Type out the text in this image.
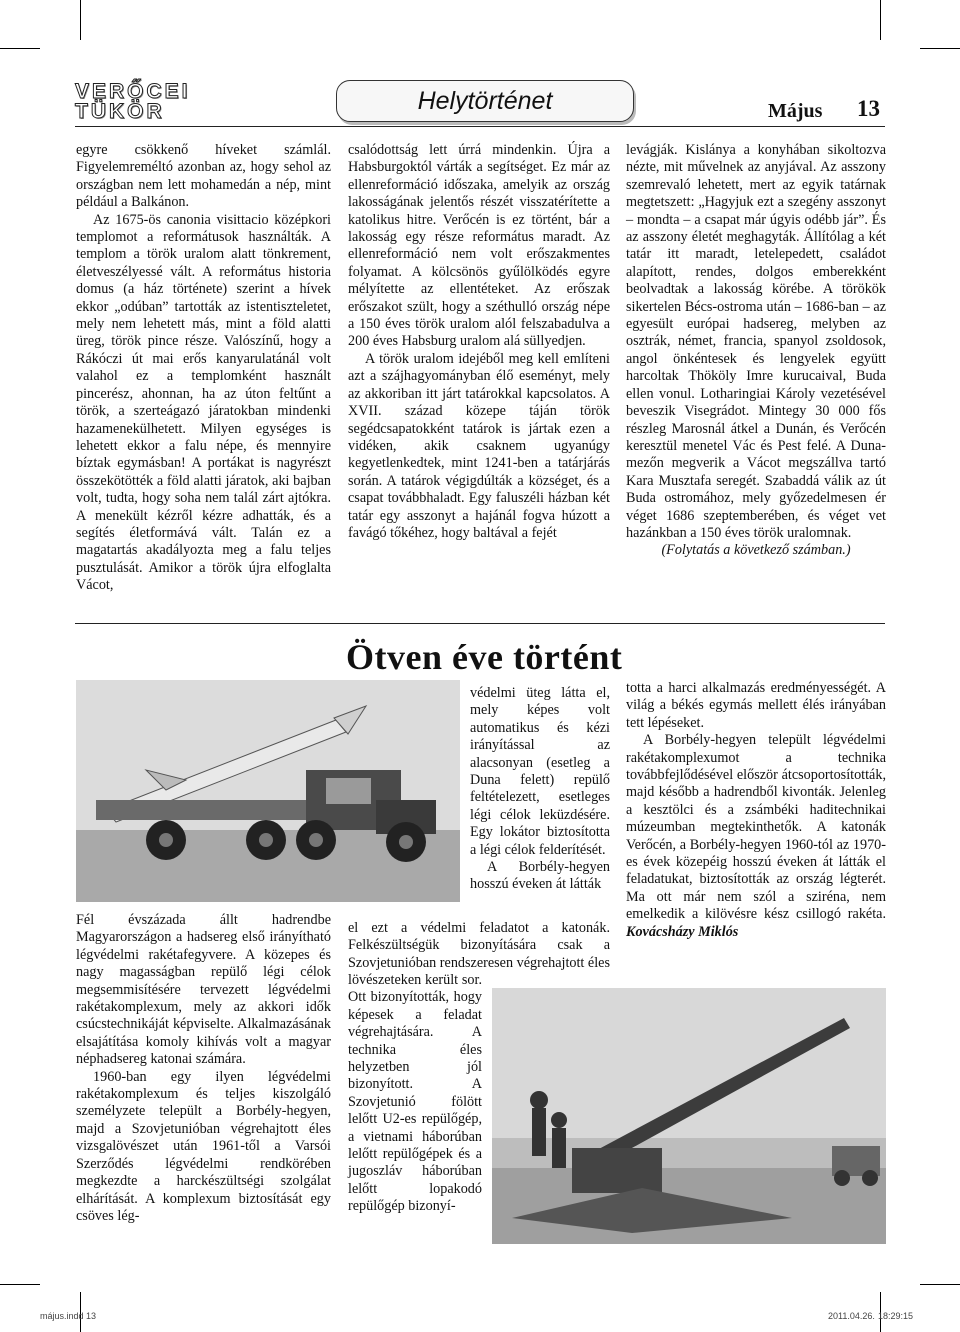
VERŐCEI
TÜKÖR	Helytörténet	Május 13

egyre csökkenő híveket számlál. Figyelemreméltó azonban az, hogy sehol az országban nem lett mohamedán a nép, mint például a Balkánon.

Az 1675-ös canonia visittacio középkori templomot a reformátusok használták. A templom a török uralom alatt tönkrement, életveszélyessé vált. A református historia domus (a ház története) szerint a hívek ekkor „odúban” tartották az istentiszteletet, mely nem lehetett más, mint a föld alatti üreg, török pince része. Valószínű, hogy a Rákóczi út mai erős kanyarulatánál volt valahol ez a templomként használt pincerész, ahonnan, ha az úton feltűnt a török, a szerteágazó járatokban mindenki hazamenekülhetett. Milyen egységes is lehetett ekkor a falu népe, és mennyire bíztak egymásban! A portákat is nagyrészt összekötötték a föld alatti járatok, aki bajban volt, tudta, hogy soha nem talál zárt ajtókra. A menekült kézről kézre adhatták, és a segítés életformává vált. Talán ez a magatartás akadályozta meg a falu teljes pusztulását. Amikor a török újra elfoglalta Vácot,

csalódottság lett úrrá mindenkin. Újra a Habsburgoktól várták a segítséget. Ez már az ellenreformáció időszaka, amelyik az ország lakosságának jelentős részét visszatérítette a katolikus hitre. Verőcén is ez történt, bár a lakosság egy része református maradt. Az ellenreformáció nem volt erőszakmentes folyamat. A kölcsönös gyűlölködés egyre mélyítette az ellentéteket. Az erőszak erőszakot szült, hogy a széthulló ország népe a 150 éves török uralom alól felszabadulva a 200 éves Habsburg uralom alá süllyedjen.

A török uralom idejéből meg kell említeni azt a szájhagyományban élő eseményt, mely az akkoriban itt járt tatárokkal kapcsolatos. A XVII. század közepe táján török segédcsapatokként tatárok is jártak ezen a vidéken, akik csaknem ugyanúgy kegyetlenkedtek, mint 1241-ben a tatárjárás során. A tatárok végigdúlták a községet, és a csapat továbbhaladt. Egy faluszéli házban két tatár egy asszonyt a hajánál fogva húzott a favágó tőkéhez, hogy baltával a fejét

levágják. Kislánya a konyhában sikoltozva nézte, mit művelnek az anyjával. Az asszony szemrevaló lehetett, mert az egyik tatárnak megtetszett: „Hagyjuk ezt a szegény asszonyt – mondta – a csapat már úgyis odébb jár”. És az asszony életét meghagyták. Állítólag a két tatár itt maradt, letelepedett, családot alapított, rendes, dolgos emberekként beolvadtak a lakosság körébe. A törökök sikertelen Bécs-ostroma után – 1686-ban – az egyesült európai hadsereg, melyben az osztrák, német, francia, spanyol zsoldosok, angol önkéntesek és lengyelek együtt harcoltak Thököly Imre kurucaival, Buda ellen vonul. Lotharingiai Károly vezetésével beveszik Visegrádot. Mintegy 30 000 fős részleg Marosnál átkel a Dunán, és Verőcén keresztül menetel Vác és Pest felé. A Duna-mezőn megverik a Vácot megszállva tartó Kara Musztafa seregét. Szabaddá válik az út Buda ostromához, mely győzedelmesen ér véget 1686 szeptemberében, és véget vet hazánkban a 150 éves török uralomnak.

(Folytatás a következő számban.)

Ötven éve történt

Fél évszázada állt hadrendbe Magyarországon a hadsereg első irányítható légvédelmi rakétafegyvere. A közepes és nagy magasságban repülő légi célok megsemmisítésére tervezett légvédelmi rakétakomplexum, mely az akkori idők csúcstechnikáját képviselte. Alkalmazásának elsajátítása komoly kihívás volt a magyar néphadsereg katonai számára.

1960-ban egy ilyen légvédelmi rakétakomplexum és teljes kiszolgáló személyzete települt a Borbély-hegyen, majd a Szovjetunióban végrehajtott éles vizsgalövészet után 1961-től a Varsói Szerződés légvédelmi rendkörében megkezdte a harckészültségi szolgálat elhárítását. A komplexum biztosítását egy csöves lég-

védelmi üteg látta el, mely képes volt automatikus és kézi irányítással az alacsonyan (esetleg a Duna felett) repülő feltételezett, esetleges légi célok leküzdésére. Egy lokátor biztosította a légi célok felderítését.

A Borbély-hegyen hosszú éveken át látták

el ezt a védelmi feladatot a katonák. Felkészültségük bizonyítására csak a Szovjetunióban rendszeresen végrehajtott éles

lövészeteken került sor. Ott bizonyították, hogy képesek a feladat végrehajtására. A technika éles helyzetben jól bizonyított. A Szovjetunió fölött lelőtt U2-es repülőgép, a vietnami háborúban lelőtt repülőgépek és a jugoszláv háborúban lelőtt lopakodó repülőgép bizonyí-

totta a harci alkalmazás eredményességét. A világ a békés egymás mellett élés irányában tett lépéseket.

A Borbély-hegyen települt légvédelmi rakétakomplexumot a technika továbbfejlődésével először átcsoportosították, majd később a hadrendből kivonták. Jelenleg a kesztölci és a zsámbéki haditechnikai múzeumban megtekinthetők. A katonák Verőcén, a Borbély-hegyen 1960-tól az 1970-es évek közepéig hosszú éveken át látták el feladatukat, biztosították az ország légterét. Ma ott már nem szól a sziréna, nem emelkedik a kilövésre kész csillogó rakéta. Kovácsházy Miklós

május.indd 13	2011.04.26. 18:29:15
